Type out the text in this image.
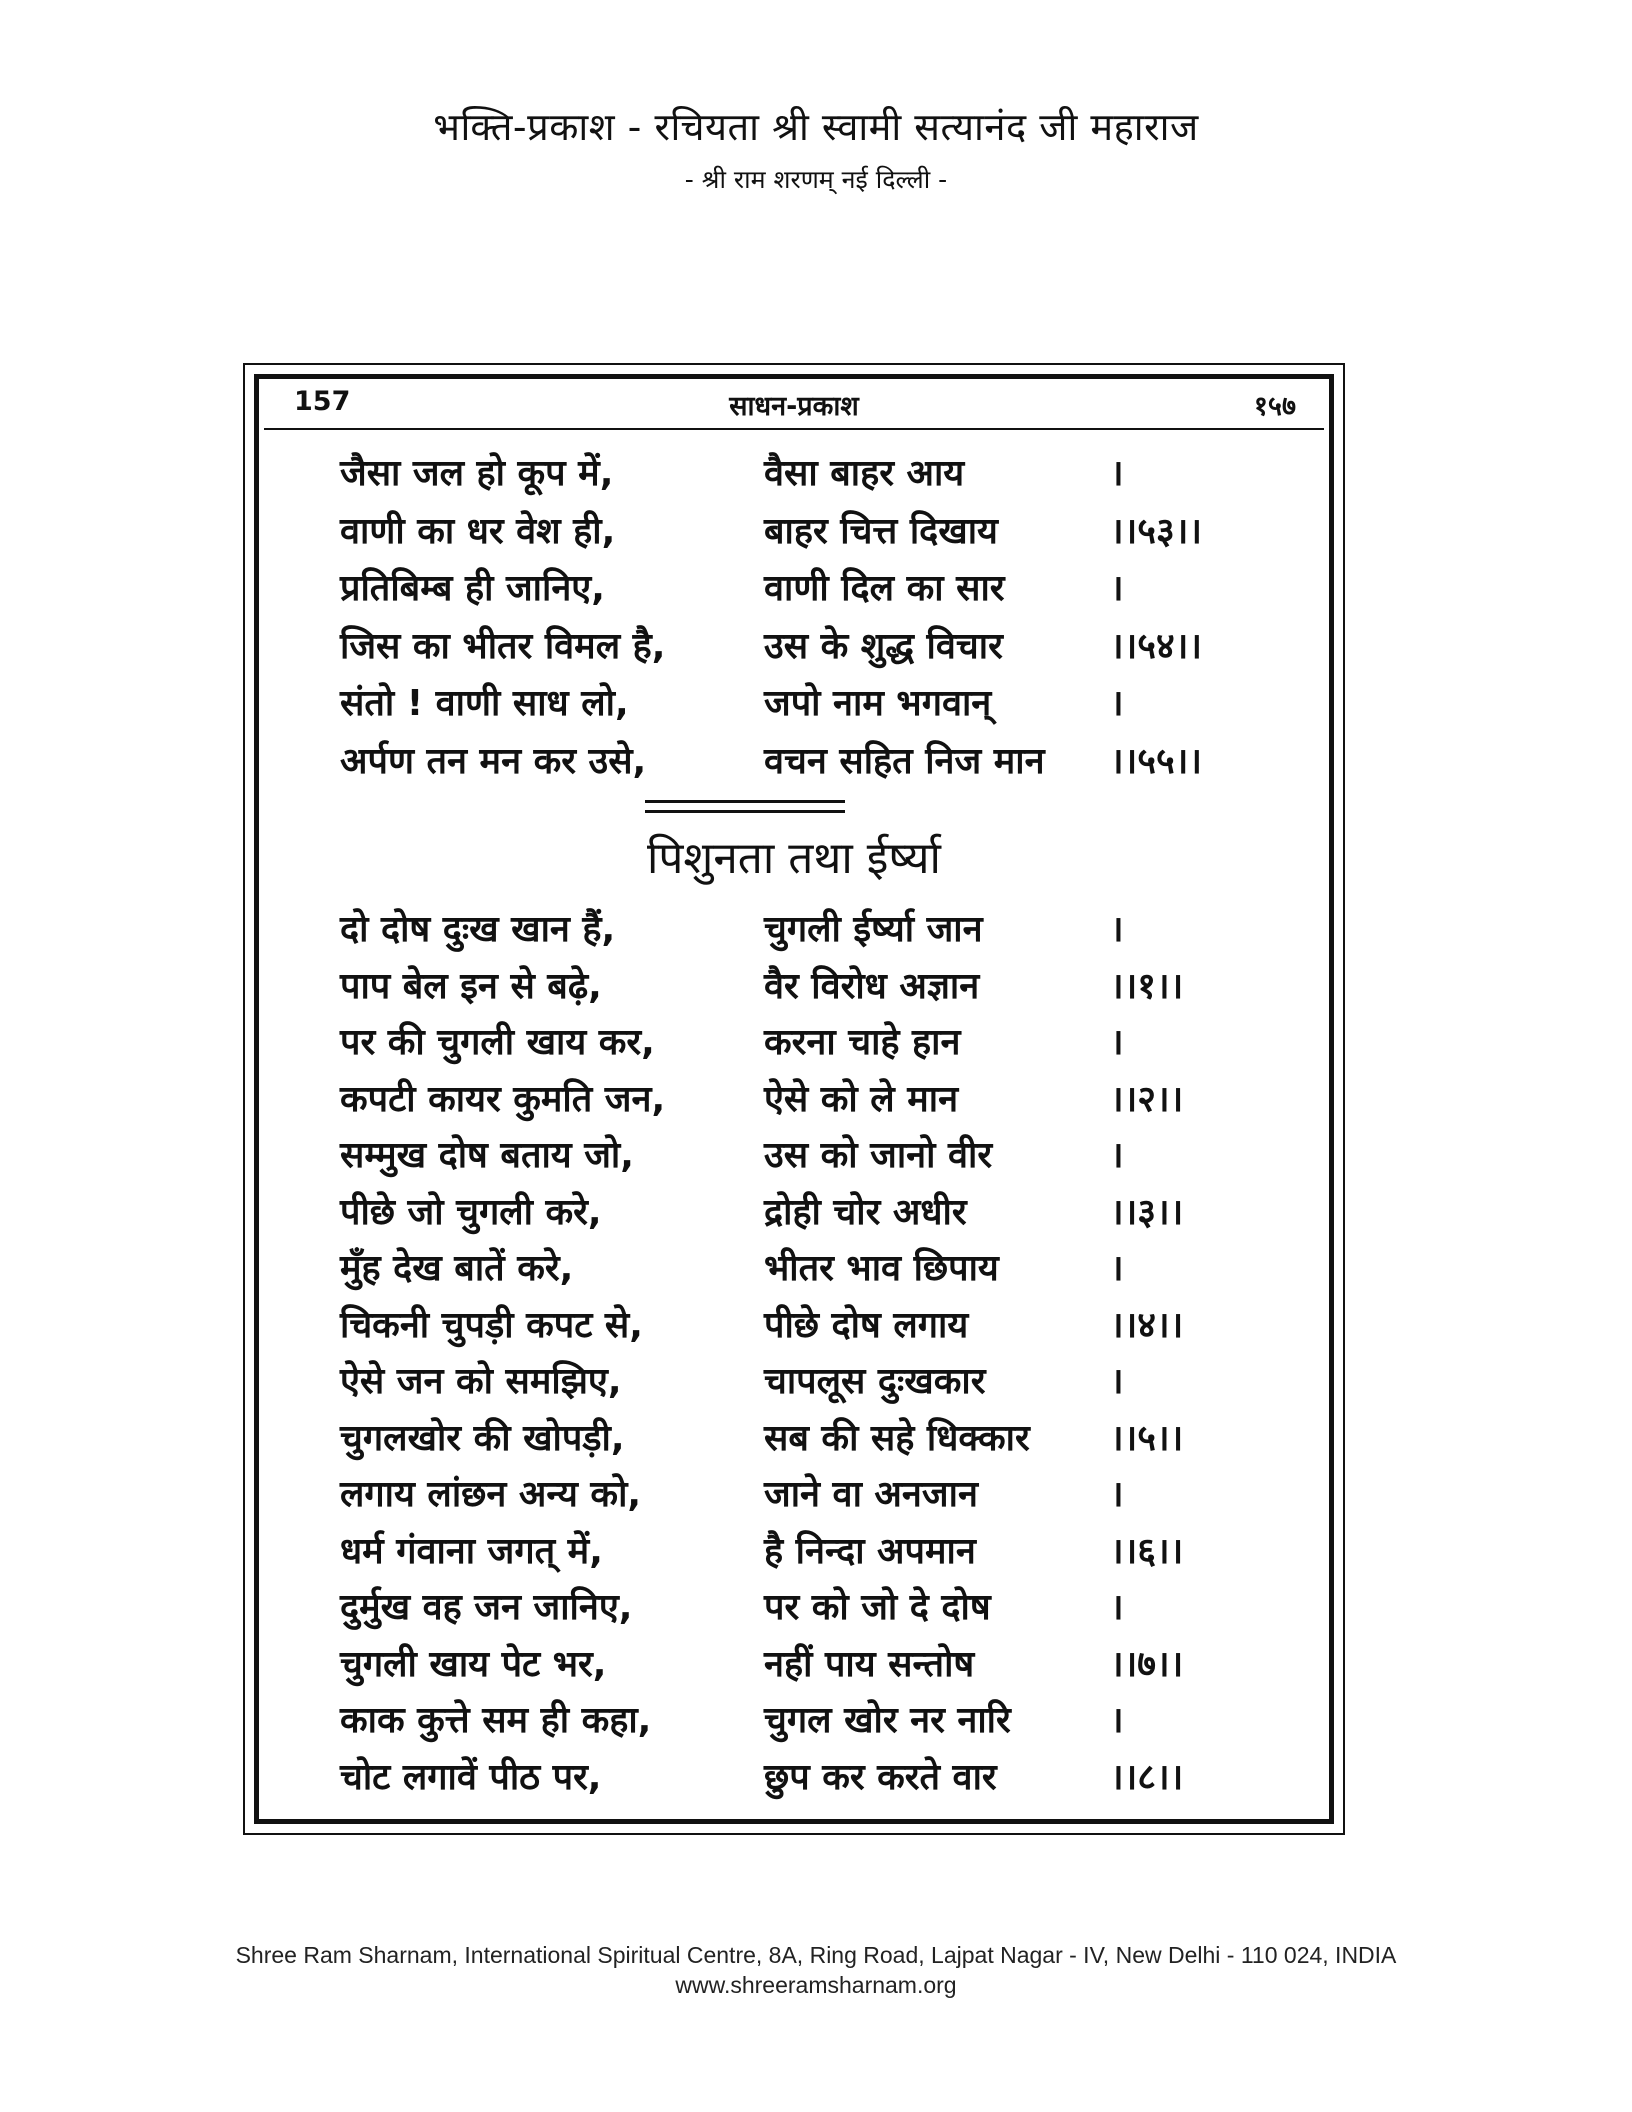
भक्ति-प्रकाश - रचियता श्री स्वामी सत्यानंद जी महाराज
- श्री राम शरणम् नई दिल्ली -
157	साधन-प्रकाश	१५७
जैसा जल हो कूप में,	वैसा बाहर आय	।
वाणी का धर वेश ही,	बाहर चित्त दिखाय	।।५३।।
प्रतिबिम्ब ही जानिए,	वाणी दिल का सार	।
जिस का भीतर विमल है,	उस के शुद्ध विचार	।।५४।।
संतो ! वाणी साध लो,	जपो नाम भगवान्	।
अर्पण तन मन कर उसे,	वचन सहित निज मान ।।५५।।
पिशुनता तथा ईर्ष्या
दो दोष दुःख खान हैं,	चुगली ईर्ष्या जान	।
पाप बेल इन से बढ़े,	वैर विरोध अज्ञान	।।१।।
पर की चुगली खाय कर,	करना चाहे हान	।
कपटी कायर कुमति जन,	ऐसे को ले मान	।।२।।
सम्मुख दोष बताय जो,	उस को जानो वीर	।
पीछे जो चुगली करे,	द्रोही चोर अधीर	।।३।।
मुँह देख बातें करे,	भीतर भाव छिपाय	।
चिकनी चुपड़ी कपट से,	पीछे दोष लगाय	।।४।।
ऐसे जन को समझिए,	चापलूस दुःखकार	।
चुगलखोर की खोपड़ी,	सब की सहे धिक्कार ।।५।।
लगाय लांछन अन्य को,	जाने वा अनजान	।
धर्म गंवाना जगत् में,	है निन्दा अपमान	।।६।।
दुर्मुख वह जन जानिए,	पर को जो दे दोष	।
चुगली खाय पेट भर,	नहीं पाय सन्तोष	।।७।।
काक कुत्ते सम ही कहा,	चुगल खोर नर नारि	।
चोट लगावें पीठ पर,	छुप कर करते वार	।।८।।
Shree Ram Sharnam, International Spiritual Centre, 8A, Ring Road, Lajpat Nagar - IV, New Delhi - 110 024, INDIA
www.shreeramsharnam.org
